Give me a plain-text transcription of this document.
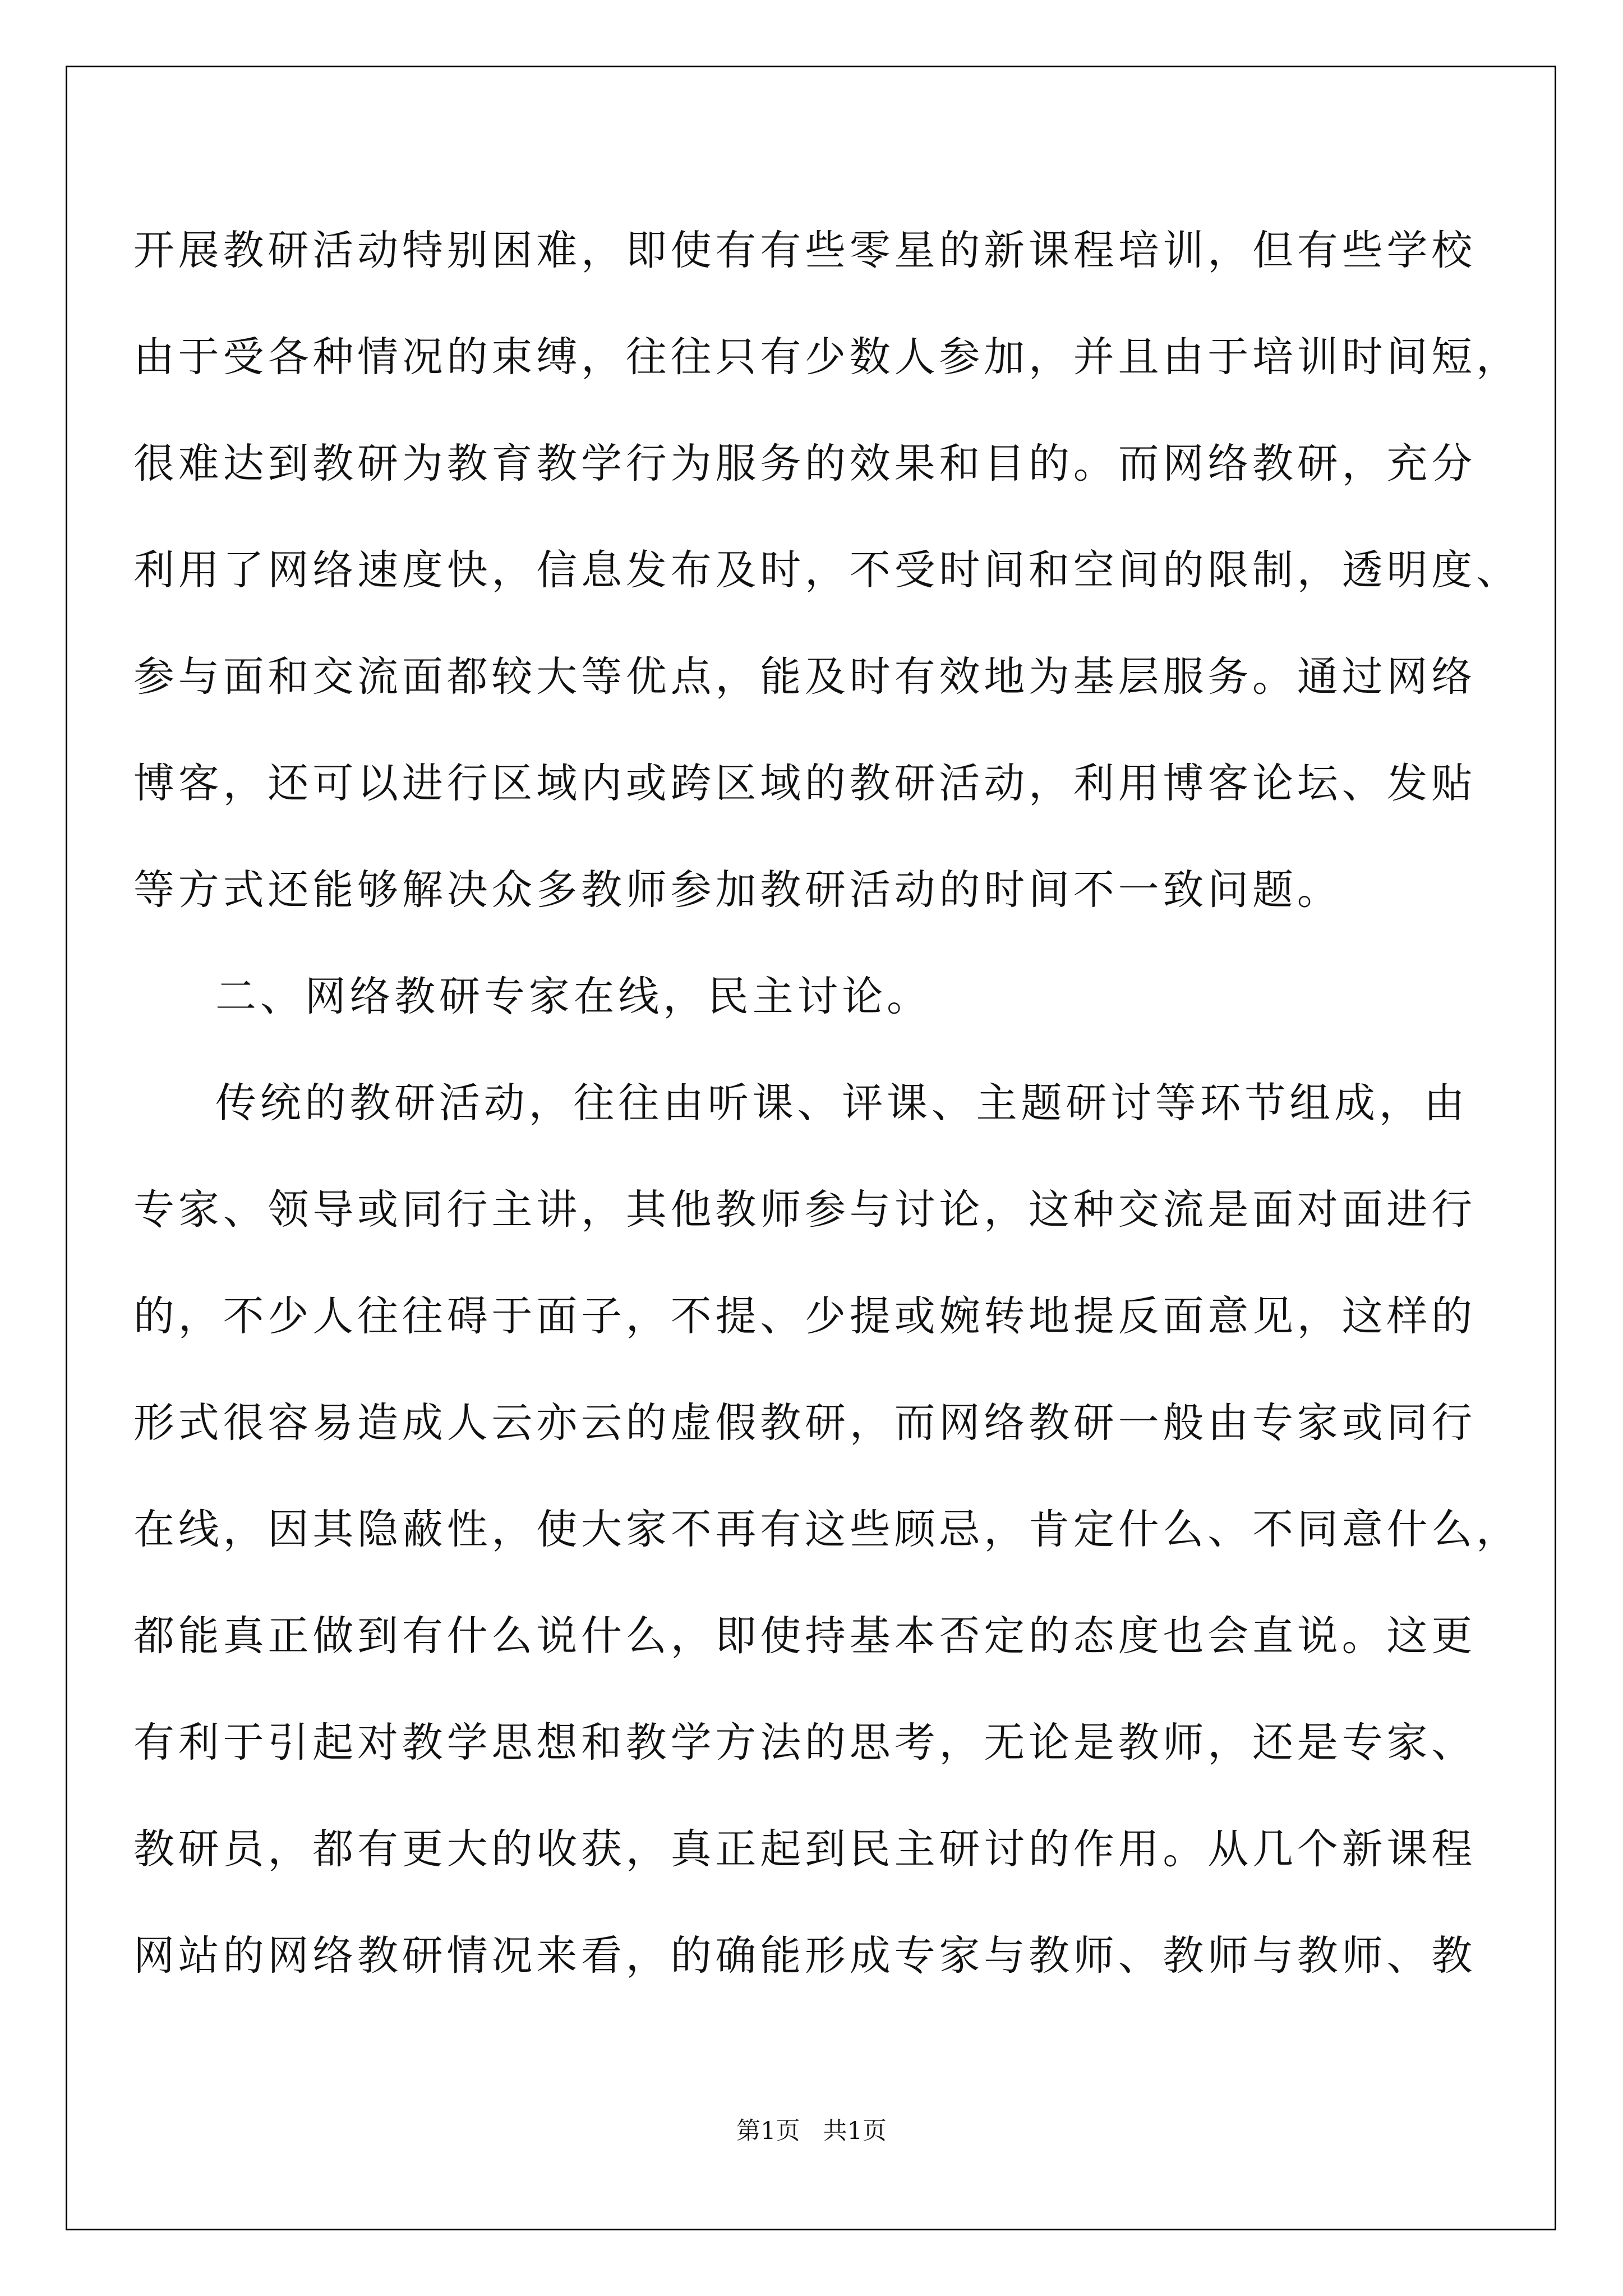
开展教研活动特别困难，即使有有些零星的新课程培训，但有些学校
由于受各种情况的束缚，往往只有少数人参加，并且由于培训时间短，
很难达到教研为教育教学行为服务的效果和目的。而网络教研，充分
利用了网络速度快，信息发布及时，不受时间和空间的限制，透明度、
参与面和交流面都较大等优点，能及时有效地为基层服务。通过网络
博客，还可以进行区域内或跨区域的教研活动，利用博客论坛、发贴
等方式还能够解决众多教师参加教研活动的时间不一致问题。
二、网络教研专家在线，民主讨论。
传统的教研活动，往往由听课、评课、主题研讨等环节组成，由
专家、领导或同行主讲，其他教师参与讨论，这种交流是面对面进行
的，不少人往往碍于面子，不提、少提或婉转地提反面意见，这样的
形式很容易造成人云亦云的虚假教研，而网络教研一般由专家或同行
在线，因其隐蔽性，使大家不再有这些顾忌，肯定什么、不同意什么，
都能真正做到有什么说什么，即使持基本否定的态度也会直说。这更
有利于引起对教学思想和教学方法的思考，无论是教师，还是专家、
教研员，都有更大的收获，真正起到民主研讨的作用。从几个新课程
网站的网络教研情况来看，的确能形成专家与教师、教师与教师、教
第1页   共1页
